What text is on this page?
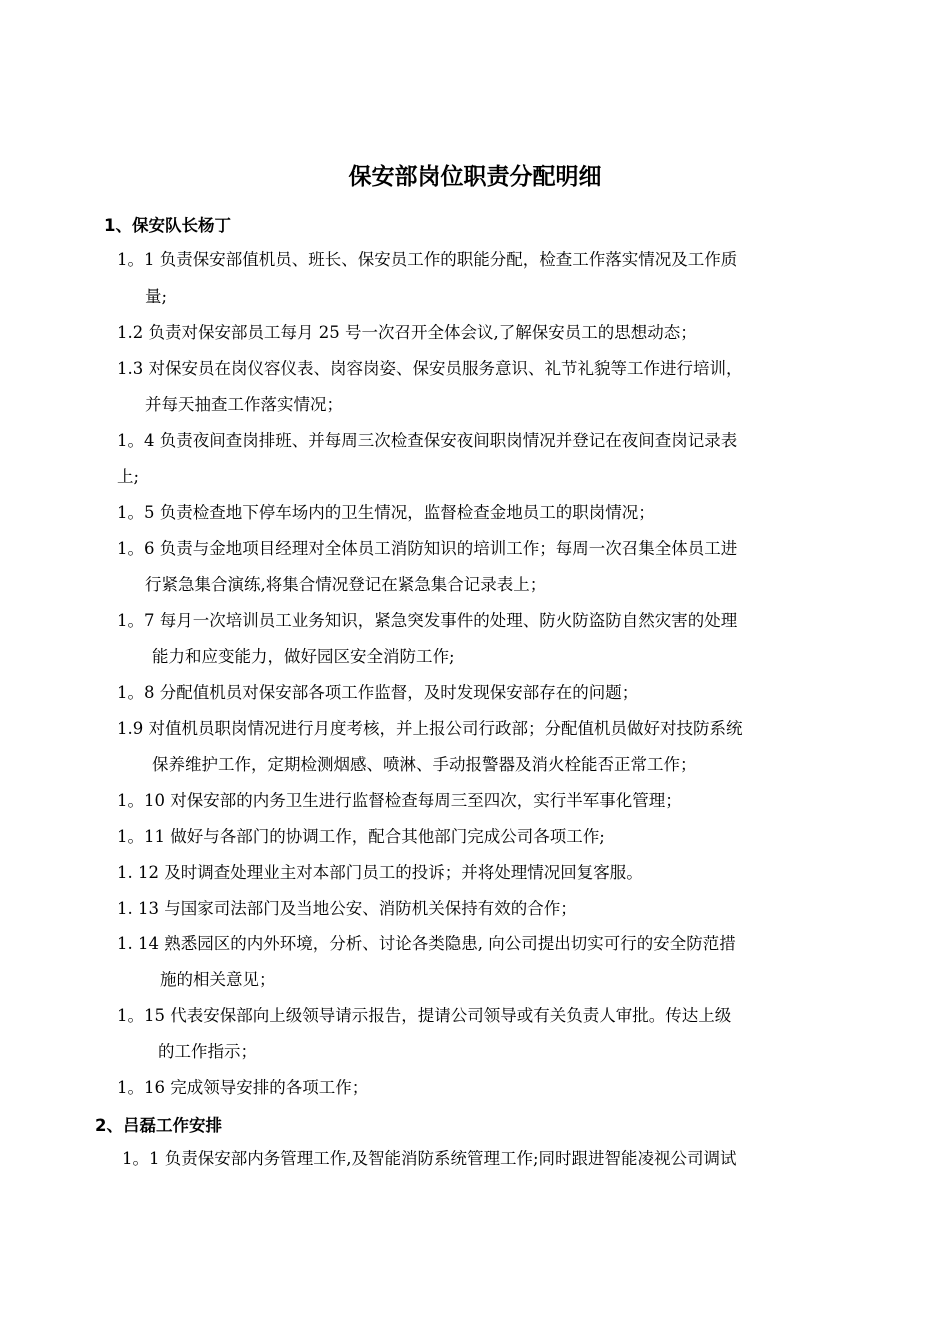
保安部岗位职责分配明细
1、保安队长杨丁
1。1 负责保安部值机员、班长、保安员工作的职能分配，检查工作落实情况及工作质
量;
1.2 负责对保安部员工每月 25 号一次召开全体会议,了解保安员工的思想动态；
1.3 对保安员在岗仪容仪表、岗容岗姿、保安员服务意识、礼节礼貌等工作进行培训，
并每天抽查工作落实情况；
1。4 负责夜间查岗排班、并每周三次检查保安夜间职岗情况并登记在夜间查岗记录表
上;
1。5 负责检查地下停车场内的卫生情况，监督检查金地员工的职岗情况；
1。6 负责与金地项目经理对全体员工消防知识的培训工作；每周一次召集全体员工进
行紧急集合演练,将集合情况登记在紧急集合记录表上；
1。7 每月一次培训员工业务知识，紧急突发事件的处理、防火防盗防自然灾害的处理
能力和应变能力，做好园区安全消防工作;
1。8 分配值机员对保安部各项工作监督，及时发现保安部存在的问题；
1.9 对值机员职岗情况进行月度考核，并上报公司行政部；分配值机员做好对技防系统
保养维护工作，定期检测烟感、喷淋、手动报警器及消火栓能否正常工作；
1。10 对保安部的内务卫生进行监督检查每周三至四次，实行半军事化管理；
1。11 做好与各部门的协调工作，配合其他部门完成公司各项工作;
1. 12 及时调查处理业主对本部门员工的投诉；并将处理情况回复客服。
1. 13 与国家司法部门及当地公安、消防机关保持有效的合作；
1. 14 熟悉园区的内外环境，分析、讨论各类隐患, 向公司提出切实可行的安全防范措
施的相关意见；
1。15 代表安保部向上级领导请示报告，提请公司领导或有关负责人审批。传达上级
的工作指示；
1。16 完成领导安排的各项工作；
2、吕磊工作安排
1。1 负责保安部内务管理工作,及智能消防系统管理工作;同时跟进智能凌视公司调试
